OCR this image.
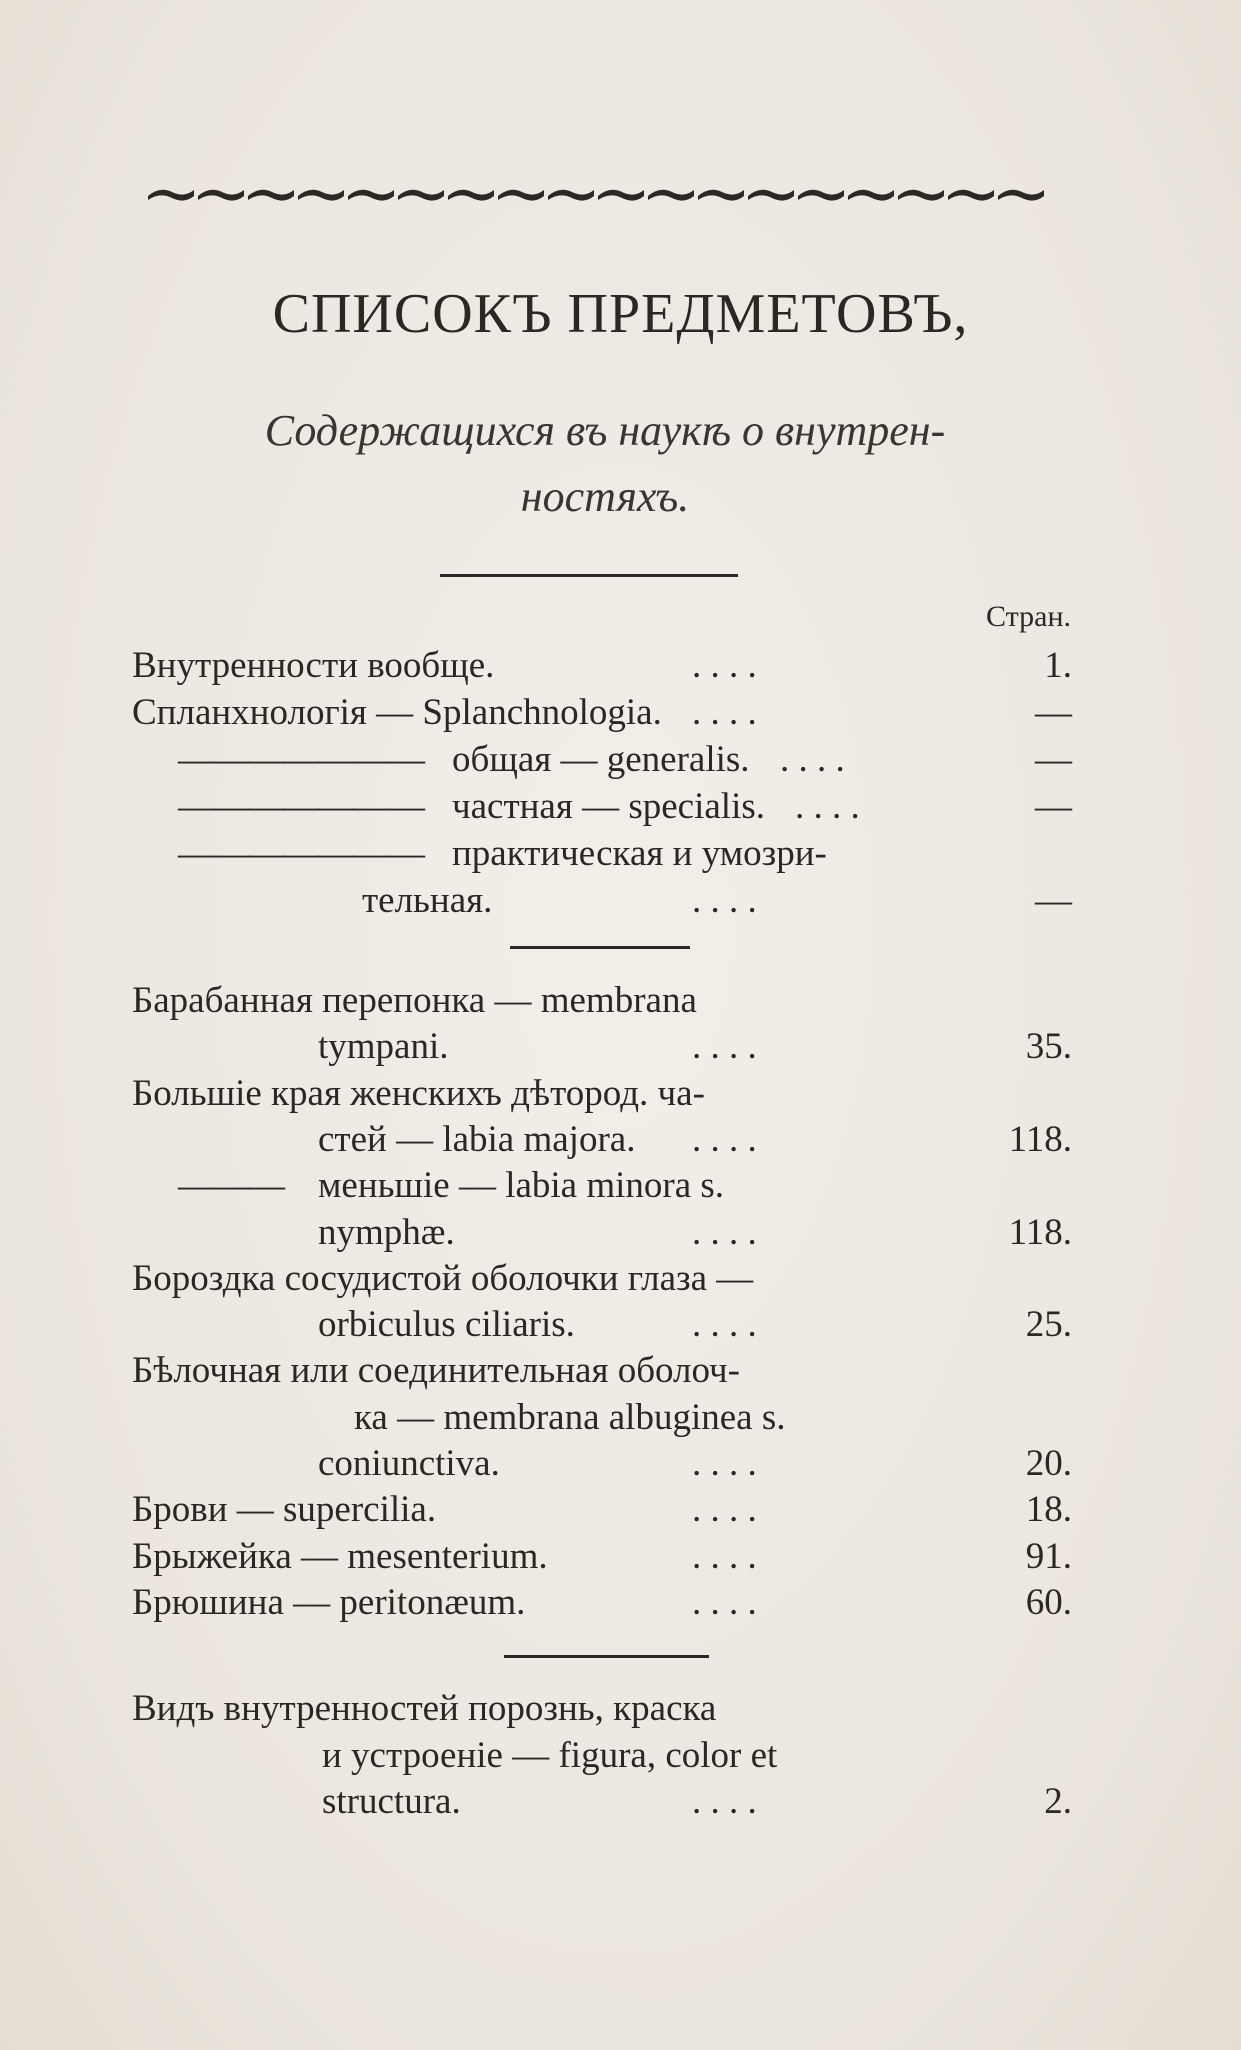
СПИСОКЪ ПРЕДМЕТОВЪ,
Содержащихся въ наукѣ о внутрен-
ностяхъ.
Стран.
Внутренности вообще.	. . . .	1.
Спланхнологія — Splanchnologia. . . . .	—
——————— общая — generalis. . . . .	—
——————— частная — specialis. . . . .	—
——————— практическая и умозри-
тельная.	. . . .	—
Барабанная перепонка — membrana
tympani.	. . . .	35.
Большіе края женскихъ дѣтород. ча-
стей — labia majora. . . . .	118.
——— меньшіе — labia minora s.
nymphæ.	. . . .	118.
Бороздка сосудистой оболочки глаза —
orbiculus ciliaris.	. . . .	25.
Бѣлочная или соединительная оболоч-
ка — membrana albuginea s.
coniunctiva.	. . . .	20.
Брови — supercilia.	. . . .	18.
Брыжейка — mesenterium.	. . . .	91.
Брюшина — peritonæum.	. . . .	60.
Видъ внутренностей порознь, краска
и устроеніе — figura, color et
structura.	. . . .	2.
